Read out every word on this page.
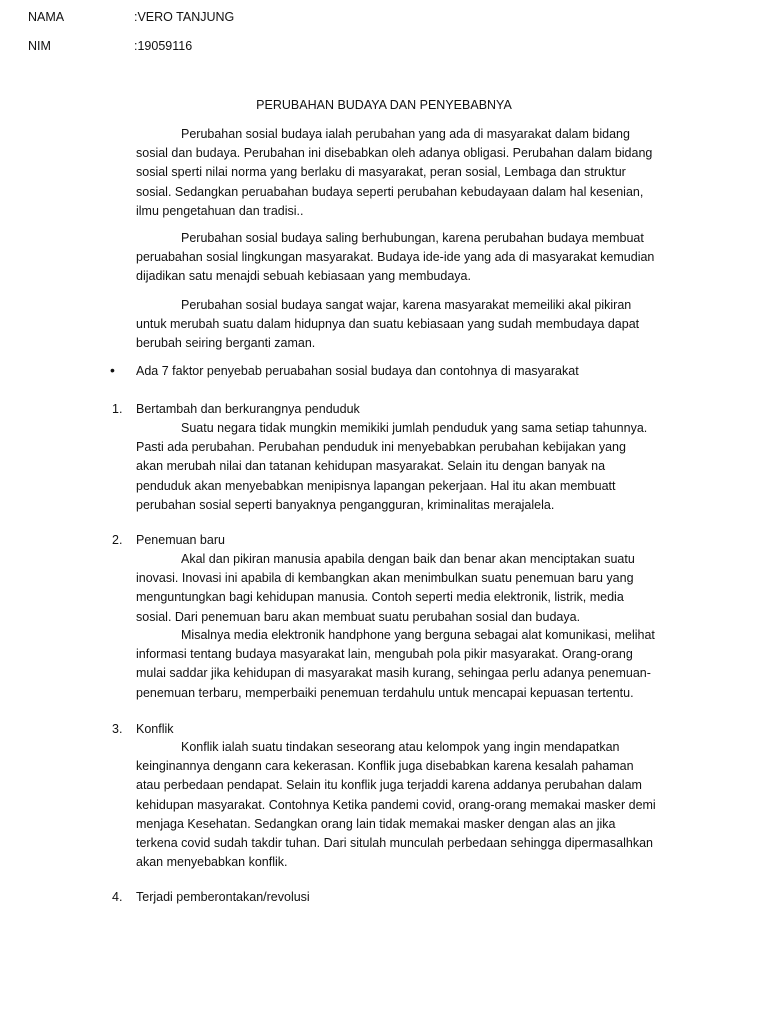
NAMA	:VERO TANJUNG
NIM	:19059116
PERUBAHAN BUDAYA DAN PENYEBABNYA

Perubahan sosial budaya ialah perubahan yang ada di masyarakat dalam bidang sosial dan budaya. Perubahan ini disebabkan oleh adanya obligasi. Perubahan dalam bidang sosial sperti nilai norma yang berlaku di masyarakat, peran sosial, Lembaga dan struktur sosial. Sedangkan peruabahan budaya seperti perubahan kebudayaan dalam hal kesenian, ilmu pengetahuan dan tradisi..

Perubahan sosial budaya saling berhubungan, karena perubahan budaya membuat peruabahan sosial lingkungan masyarakat. Budaya ide-ide yang ada di masyarakat kemudian dijadikan satu menajdi sebuah kebiasaan yang membudaya.

Perubahan sosial budaya sangat wajar, karena masyarakat memeiliki akal pikiran untuk merubah suatu dalam hidupnya dan suatu kebiasaan yang sudah membudaya dapat berubah seiring berganti zaman.

• Ada 7 faktor penyebab peruabahan sosial budaya dan contohnya di masyarakat
1. Bertambah dan berkurangnya penduduk

Suatu negara tidak mungkin memikiki jumlah penduduk yang sama setiap tahunnya. Pasti ada perubahan. Perubahan penduduk ini menyebabkan perubahan kebijakan yang akan merubah nilai dan tatanan kehidupan masyarakat. Selain itu dengan banyak na penduduk akan menyebabkan menipisnya lapangan pekerjaan. Hal itu akan membuatt perubahan sosial seperti banyaknya pengangguran, kriminalitas merajalela.

2. Penemuan baru

Akal dan pikiran manusia apabila dengan baik dan benar akan menciptakan suatu inovasi. Inovasi ini apabila di kembangkan akan menimbulkan suatu penemuan baru yang menguntungkan bagi kehidupan manusia. Contoh seperti media elektronik, listrik, media sosial. Dari penemuan baru akan membuat suatu perubahan sosial dan budaya.

Misalnya media elektronik handphone yang berguna sebagai alat komunikasi, melihat informasi tentang budaya masyarakat lain, mengubah pola pikir masyarakat. Orang-orang mulai saddar jika kehidupan di masyarakat masih kurang, sehingaa perlu adanya penemuan-penemuan terbaru, memperbaiki penemuan terdahulu untuk mencapai kepuasan tertentu.

3. Konflik

Konflik ialah suatu tindakan seseorang atau kelompok yang ingin mendapatkan keinginannya dengann cara kekerasan. Konflik juga disebabkan karena kesalah pahaman atau perbedaan pendapat. Selain itu konflik juga terjaddi karena addanya perubahan dalam kehidupan masyarakat. Contohnya Ketika pandemi covid, orang-orang memakai masker demi menjaga Kesehatan. Sedangkan orang lain tidak memakai masker dengan alas an jika terkena covid sudah takdir tuhan. Dari situlah munculah perbedaan sehingga dipermasalhkan akan menyebabkan konflik.

4. Terjadi pemberontakan/revolusi
